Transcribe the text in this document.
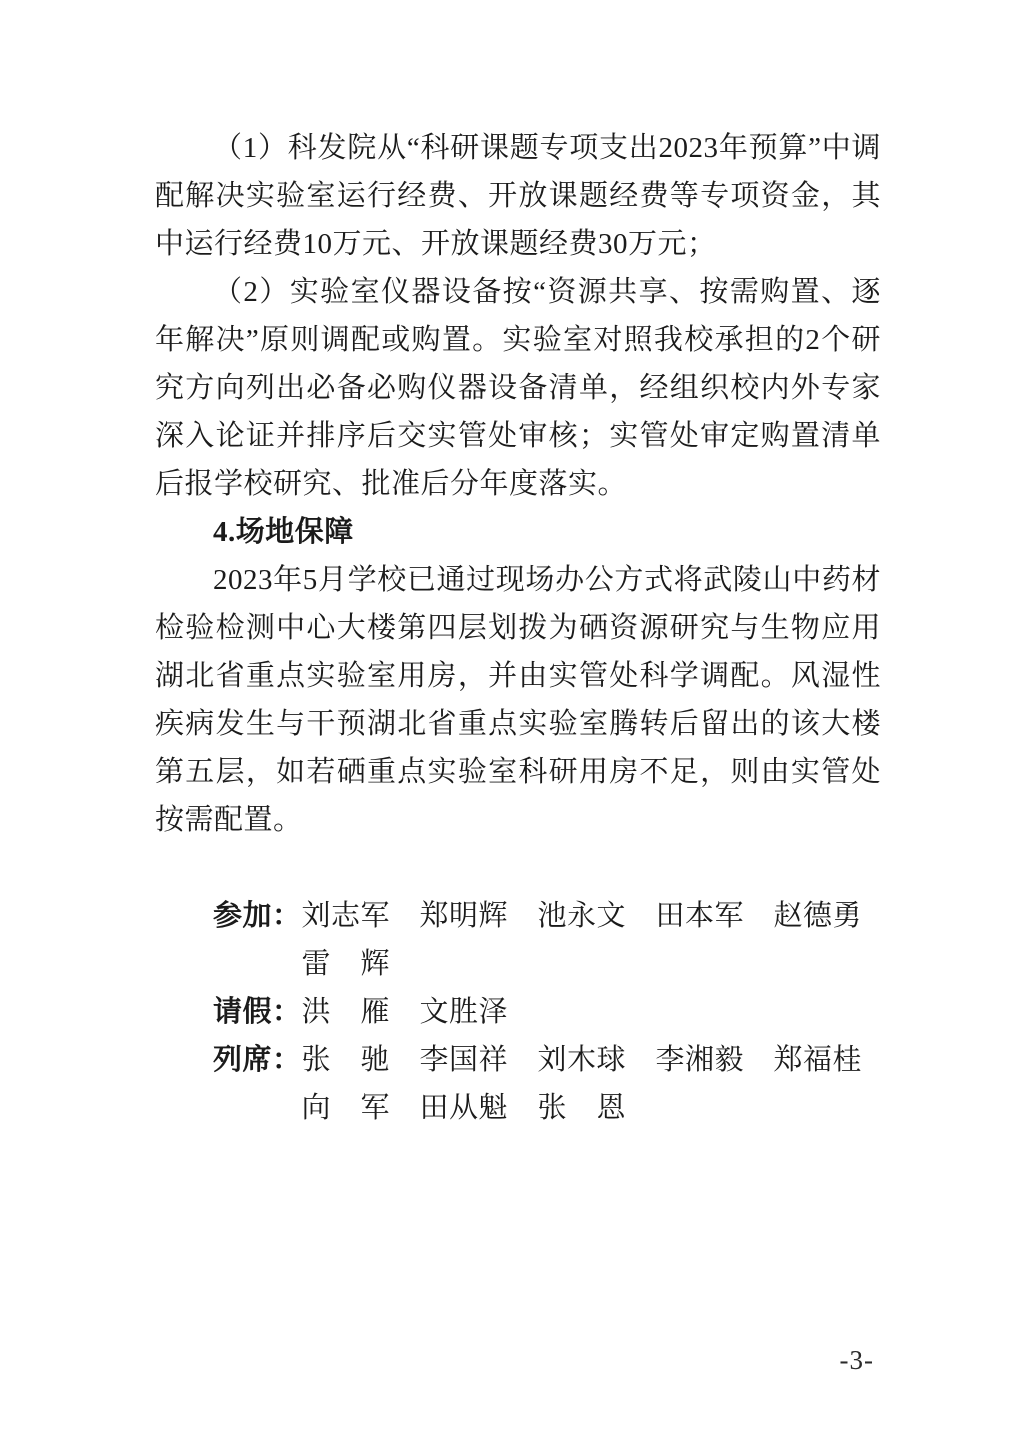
（1）科发院从“科研课题专项支出2023年预算”中调配解决实验室运行经费、开放课题经费等专项资金，其中运行经费10万元、开放课题经费30万元；

（2）实验室仪器设备按“资源共享、按需购置、逐年解决”原则调配或购置。实验室对照我校承担的2个研究方向列出必备必购仪器设备清单，经组织校内外专家深入论证并排序后交实管处审核；实管处审定购置清单后报学校研究、批准后分年度落实。

4.场地保障

2023年5月学校已通过现场办公方式将武陵山中药材检验检测中心大楼第四层划拨为硒资源研究与生物应用湖北省重点实验室用房，并由实管处科学调配。风湿性疾病发生与干预湖北省重点实验室腾转后留出的该大楼第五层，如若硒重点实验室科研用房不足，则由实管处按需配置。

参加： 刘志军　郑明辉　池永文　田本军　赵德勇
雷　辉
请假： 洪　雁　文胜泽
列席： 张　驰　李国祥　刘木球　李湘毅　郑福桂
向　军　田从魁　张　恩
-3-
